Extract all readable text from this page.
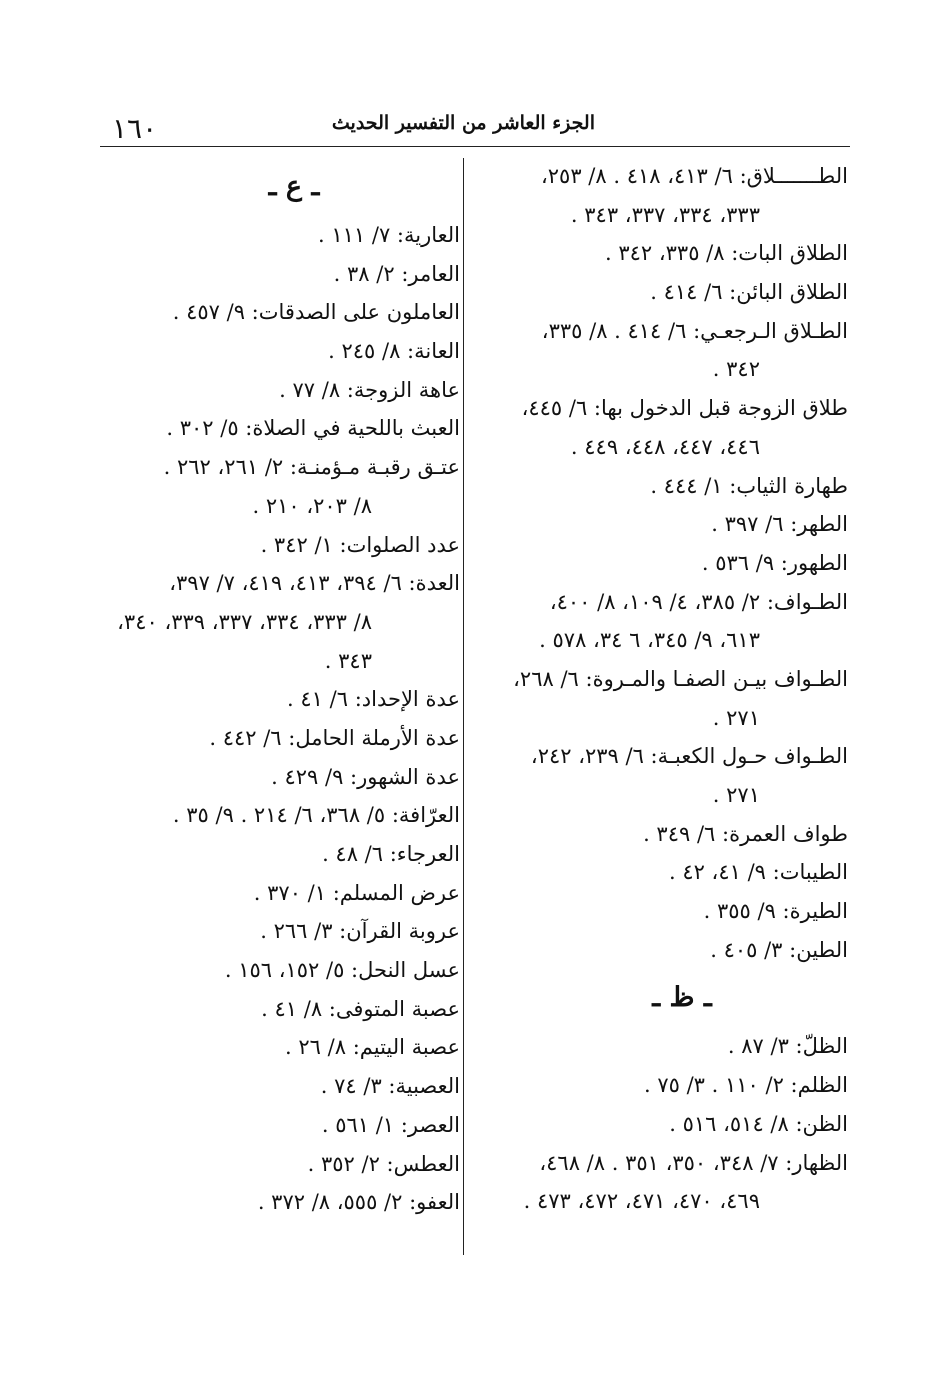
١٦٠	الجزء العاشر من التفسير الحديث
الطـــــــلاق: ٦/ ٤١٣، ٤١٨ . ٨/ ٢٥٣،
٣٣٣، ٣٣٤، ٣٣٧، ٣٤٣ .
الطلاق البات: ٨/ ٣٣٥، ٣٤٢ .
الطلاق البائن: ٦/ ٤١٤ .
الطـلاق الـرجعـي: ٦/ ٤١٤ . ٨/ ٣٣٥،
٣٤٢ .
طلاق الزوجة قبل الدخول بها: ٦/ ٤٤٥،
٤٤٦، ٤٤٧، ٤٤٨، ٤٤٩ .
طهارة الثياب: ١/ ٤٤٤ .
الطهر: ٦/ ٣٩٧ .
الطهور: ٩/ ٥٣٦ .
الطـواف: ٢/ ٣٨٥، ٤/ ١٠٩، ٨/ ٤٠٠،
٦١٣، ٩/ ٣٤٥، ٦ ٣٤، ٥٧٨ .
الطـواف بيـن الصفـا والمـروة: ٦/ ٢٦٨،
٢٧١ .
الطـواف حـول الكعبـة: ٦/ ٢٣٩، ٢٤٢،
٢٧١ .
طواف العمرة: ٦/ ٣٤٩ .
الطيبات: ٩/ ٤١، ٤٢ .
الطيرة: ٩/ ٣٥٥ .
الطين: ٣/ ٤٠٥ .
ـ ظ ـ
الظلّ: ٣/ ٨٧ .
الظلم: ٢/ ١١٠ . ٣/ ٧٥ .
الظن: ٨/ ٥١٤، ٥١٦ .
الظهار: ٧/ ٣٤٨، ٣٥٠، ٣٥١ . ٨/ ٤٦٨،
٤٦٩، ٤٧٠، ٤٧١، ٤٧٢، ٤٧٣ .
ـ ع ـ
العارية: ٧/ ١١١ .
العامر: ٢/ ٣٨ .
العاملون على الصدقات: ٩/ ٤٥٧ .
العانة: ٨/ ٢٤٥ .
عاهة الزوجة: ٨/ ٧٧ .
العبث باللحية في الصلاة: ٥/ ٣٠٢ .
عتـق رقبـة مـؤمنـة: ٢/ ٢٦١، ٢٦٢ .
٨/ ٢٠٣، ٢١٠ .
عدد الصلوات: ١/ ٣٤٢ .
العدة: ٦/ ٣٩٤، ٤١٣، ٤١٩، ٧/ ٣٩٧،
٨/ ٣٣٣، ٣٣٤، ٣٣٧، ٣٣٩، ٣٤٠،
٣٤٣ .
عدة الإحداد: ٦/ ٤١ .
عدة الأرملة الحامل: ٦/ ٤٤٢ .
عدة الشهور: ٩/ ٤٢٩ .
العرّافة: ٥/ ٣٦٨، ٦/ ٢١٤ . ٩/ ٣٥ .
العرجاء: ٦/ ٤٨ .
عرض المسلم: ١/ ٣٧٠ .
عروبة القرآن: ٣/ ٢٦٦ .
عسل النحل: ٥/ ١٥٢، ١٥٦ .
عصبة المتوفى: ٨/ ٤١ .
عصبة اليتيم: ٨/ ٢٦ .
العصبية: ٣/ ٧٤ .
العصر: ١/ ٥٦١ .
العطس: ٢/ ٣٥٢ .
العفو: ٢/ ٥٥٥، ٨/ ٣٧٢ .
